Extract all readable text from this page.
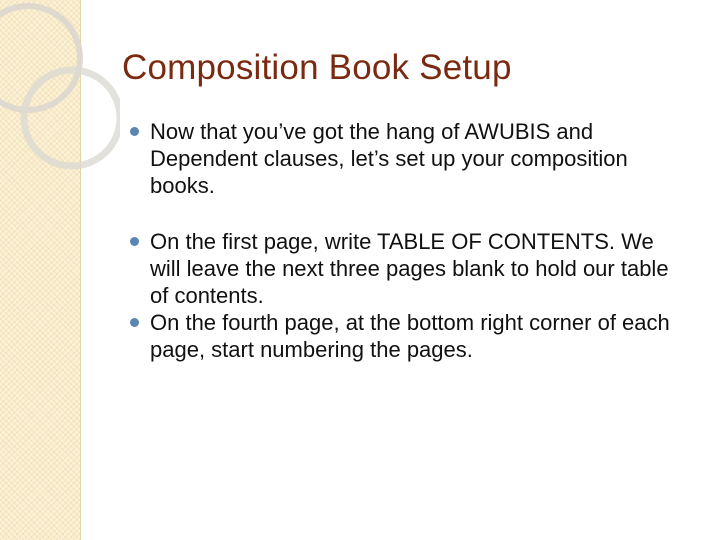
Composition Book Setup
Now that you’ve got the hang of AWUBIS and Dependent clauses, let’s set up your composition books.
On the first page, write TABLE OF CONTENTS. We will leave the next three pages blank to hold our table of contents.
On the fourth page, at the bottom right corner of each page, start numbering the pages.
